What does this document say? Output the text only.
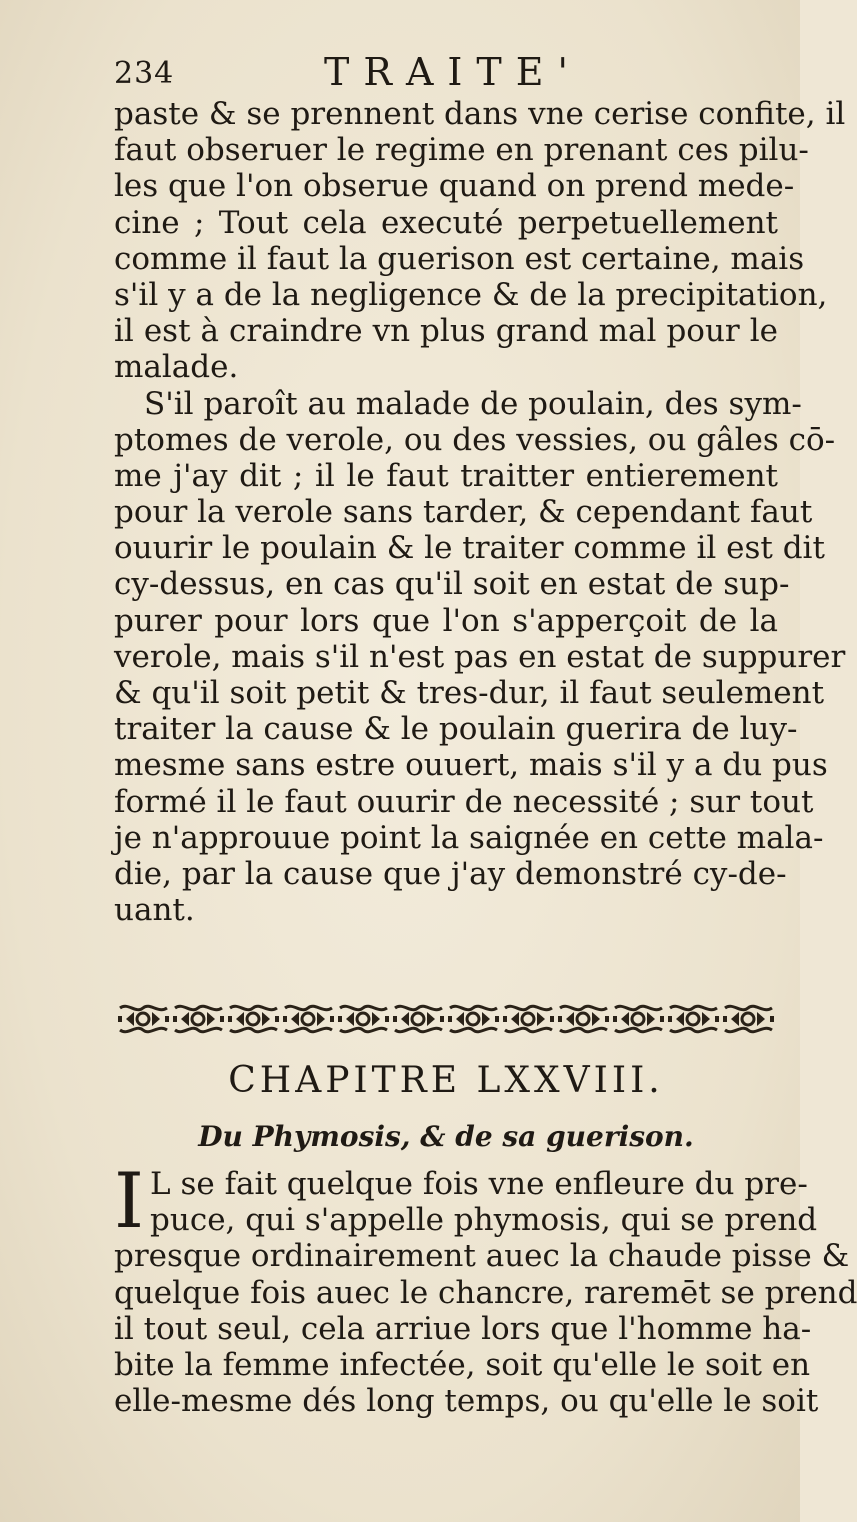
234	TRAITE'
paste & se prennent dans vne cerise confite, il
faut obseruer le regime en prenant ces pilu-
les que l'on obserue quand on prend mede-
cine ; Tout cela executé perpetuellement
comme il faut la guerison est certaine, mais
s'il y a de la negligence & de la precipitation,
il est à craindre vn plus grand mal pour le
malade.
S'il paroît au malade de poulain, des sym-
ptomes de verole, ou des vessies, ou gâles cō-
me j'ay dit ; il le faut traitter entierement
pour la verole sans tarder, & cependant faut
ouurir le poulain & le traiter comme il est dit
cy-dessus, en cas qu'il soit en estat de sup-
purer pour lors que l'on s'apperçoit de la
verole, mais s'il n'est pas en estat de suppurer
& qu'il soit petit & tres-dur, il faut seulement
traiter la cause & le poulain guerira de luy-
mesme sans estre ouuert, mais s'il y a du pus
formé il le faut ouurir de necessité ; sur tout
je n'approuue point la saignée en cette mala-
die, par la cause que j'ay demonstré cy-de-
uant.
CHAPITRE LXXVIII.
Du Phymosis, & de sa guerison.
I L se fait quelque fois vne enfleure du pre-
puce, qui s'appelle phymosis, qui se prend
presque ordinairement auec la chaude pisse &
quelque fois auec le chancre, raremēt se prend
il tout seul, cela arriue lors que l'homme ha-
bite la femme infectée, soit qu'elle le soit en
elle-mesme dés long temps, ou qu'elle le soit
